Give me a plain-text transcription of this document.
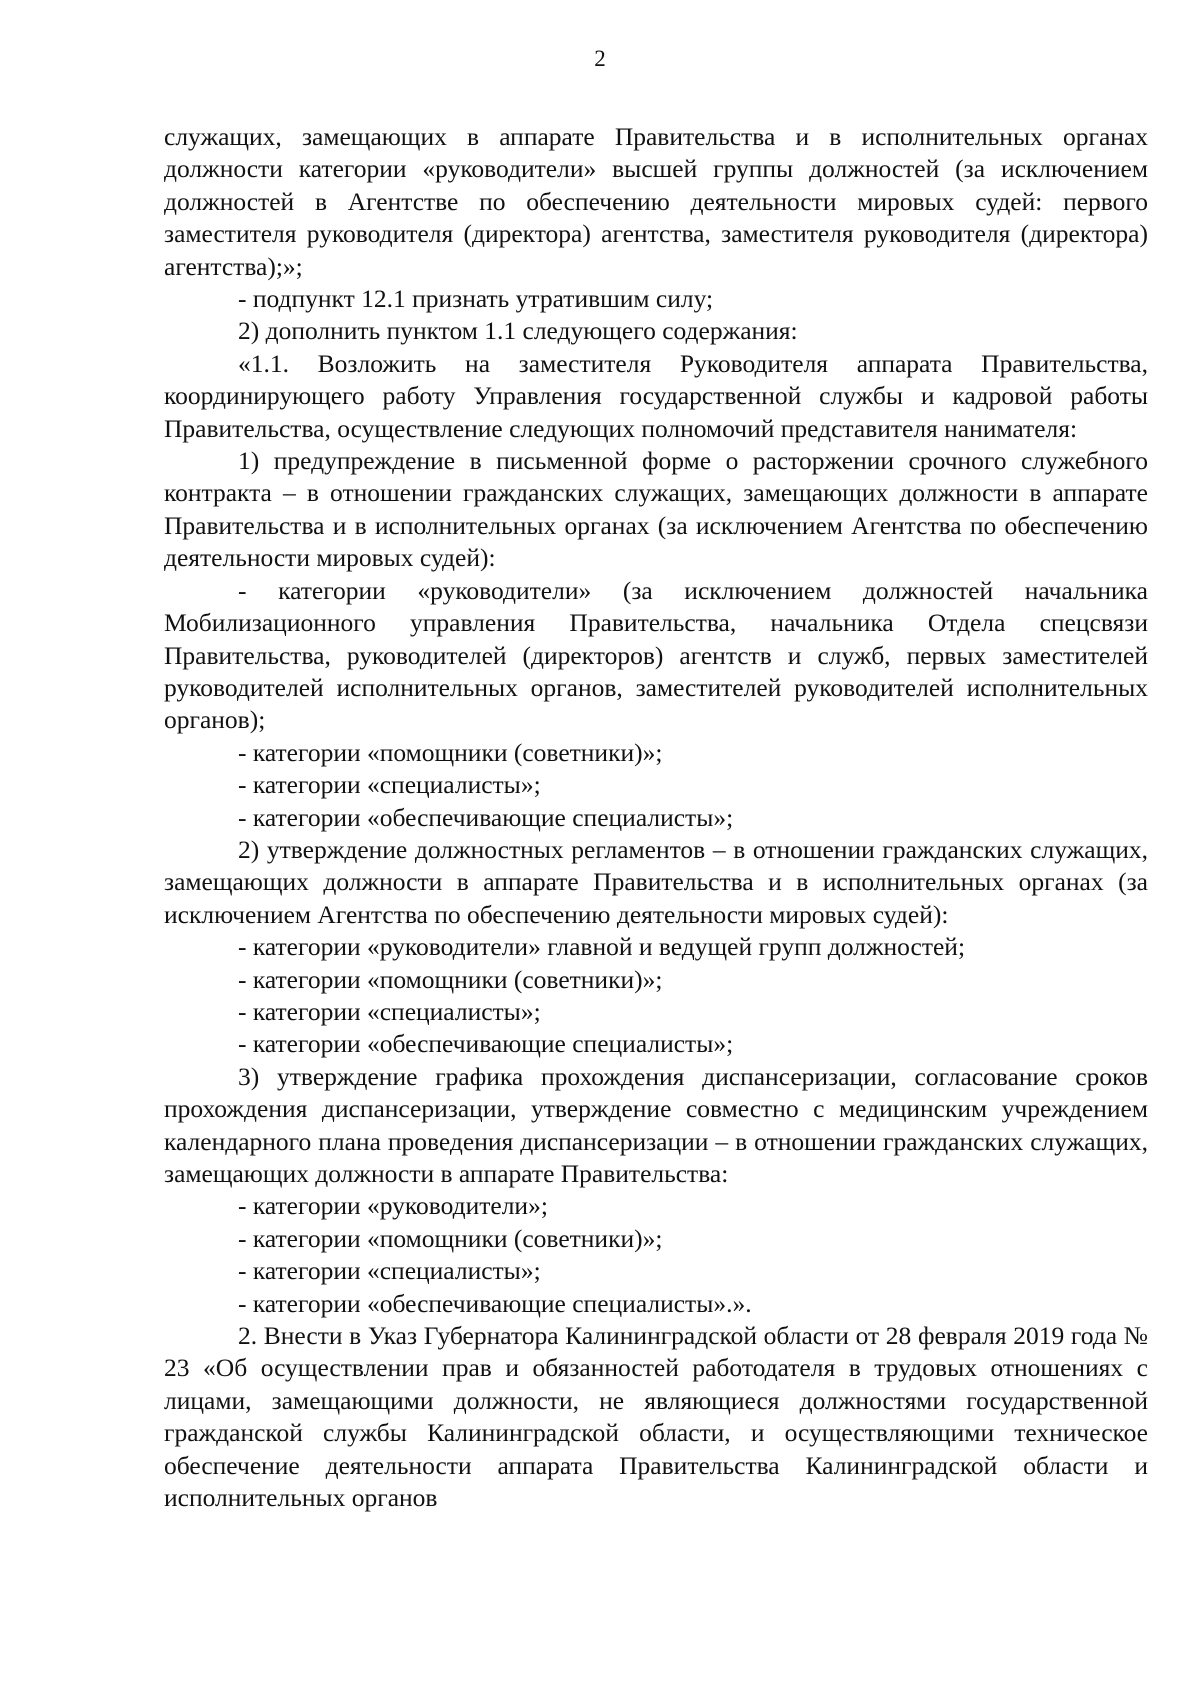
2

служащих, замещающих в аппарате Правительства и в исполнительных органах должности категории «руководители» высшей группы должностей (за исключением должностей в Агентстве по обеспечению деятельности мировых судей: первого заместителя руководителя (директора) агентства, заместителя руководителя (директора) агентства);»;

- подпункт 12.1 признать утратившим силу;

2) дополнить пунктом 1.1 следующего содержания:

«1.1. Возложить на заместителя Руководителя аппарата Правительства, координирующего работу Управления государственной службы и кадровой работы Правительства, осуществление следующих полномочий представителя нанимателя:

1) предупреждение в письменной форме о расторжении срочного служебного контракта – в отношении гражданских служащих, замещающих должности в аппарате Правительства и в исполнительных органах (за исключением Агентства по обеспечению деятельности мировых судей):

- категории «руководители» (за исключением должностей начальника Мобилизационного управления Правительства, начальника Отдела спецсвязи Правительства, руководителей (директоров) агентств и служб, первых заместителей руководителей исполнительных органов, заместителей руководителей исполнительных органов);

- категории «помощники (советники)»;

- категории «специалисты»;

- категории «обеспечивающие специалисты»;

2) утверждение должностных регламентов – в отношении гражданских служащих, замещающих должности в аппарате Правительства и в исполнительных органах (за исключением Агентства по обеспечению деятельности мировых судей):

- категории «руководители» главной и ведущей групп должностей;

- категории «помощники (советники)»;

- категории «специалисты»;

- категории «обеспечивающие специалисты»;

3) утверждение графика прохождения диспансеризации, согласование сроков прохождения диспансеризации, утверждение совместно с медицинским учреждением календарного плана проведения диспансеризации – в отношении гражданских служащих, замещающих должности в аппарате Правительства:

- категории «руководители»;

- категории «помощники (советники)»;

- категории «специалисты»;

- категории «обеспечивающие специалисты».».

2. Внести в Указ Губернатора Калининградской области от 28 февраля 2019 года № 23 «Об осуществлении прав и обязанностей работодателя в трудовых отношениях с лицами, замещающими должности, не являющиеся должностями государственной гражданской службы Калининградской области, и осуществляющими техническое обеспечение деятельности аппарата Правительства Калининградской области и исполнительных органов
